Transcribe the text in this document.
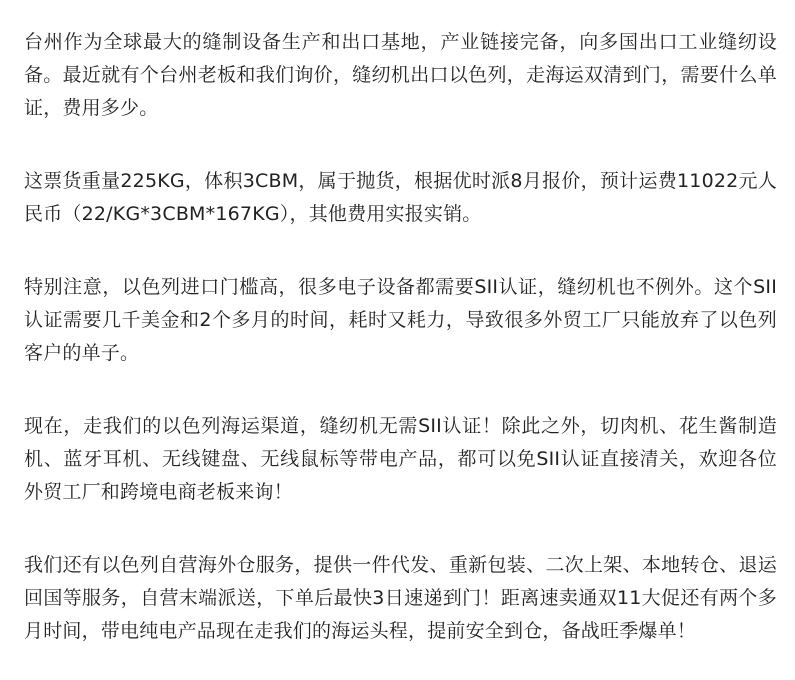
台州作为全球最大的缝制设备生产和出口基地，产业链接完备，向多国出口工业缝纫设备。最近就有个台州老板和我们询价，缝纫机出口以色列，走海运双清到门，需要什么单证，费用多少。

这票货重量225KG，体积3CBM，属于抛货，根据优时派8月报价，预计运费11022元人民币（22/KG*3CBM*167KG），其他费用实报实销。

特别注意，以色列进口门槛高，很多电子设备都需要SII认证，缝纫机也不例外。这个SII认证需要几千美金和2个多月的时间，耗时又耗力，导致很多外贸工厂只能放弃了以色列客户的单子。

现在，走我们的以色列海运渠道，缝纫机无需SII认证！除此之外，切肉机、花生酱制造机、蓝牙耳机、无线键盘、无线鼠标等带电产品，都可以免SII认证直接清关，欢迎各位外贸工厂和跨境电商老板来询！

我们还有以色列自营海外仓服务，提供一件代发、重新包装、二次上架、本地转仓、退运回国等服务，自营末端派送，下单后最快3日速递到门！距离速卖通双11大促还有两个多月时间，带电纯电产品现在走我们的海运头程，提前安全到仓，备战旺季爆单！
